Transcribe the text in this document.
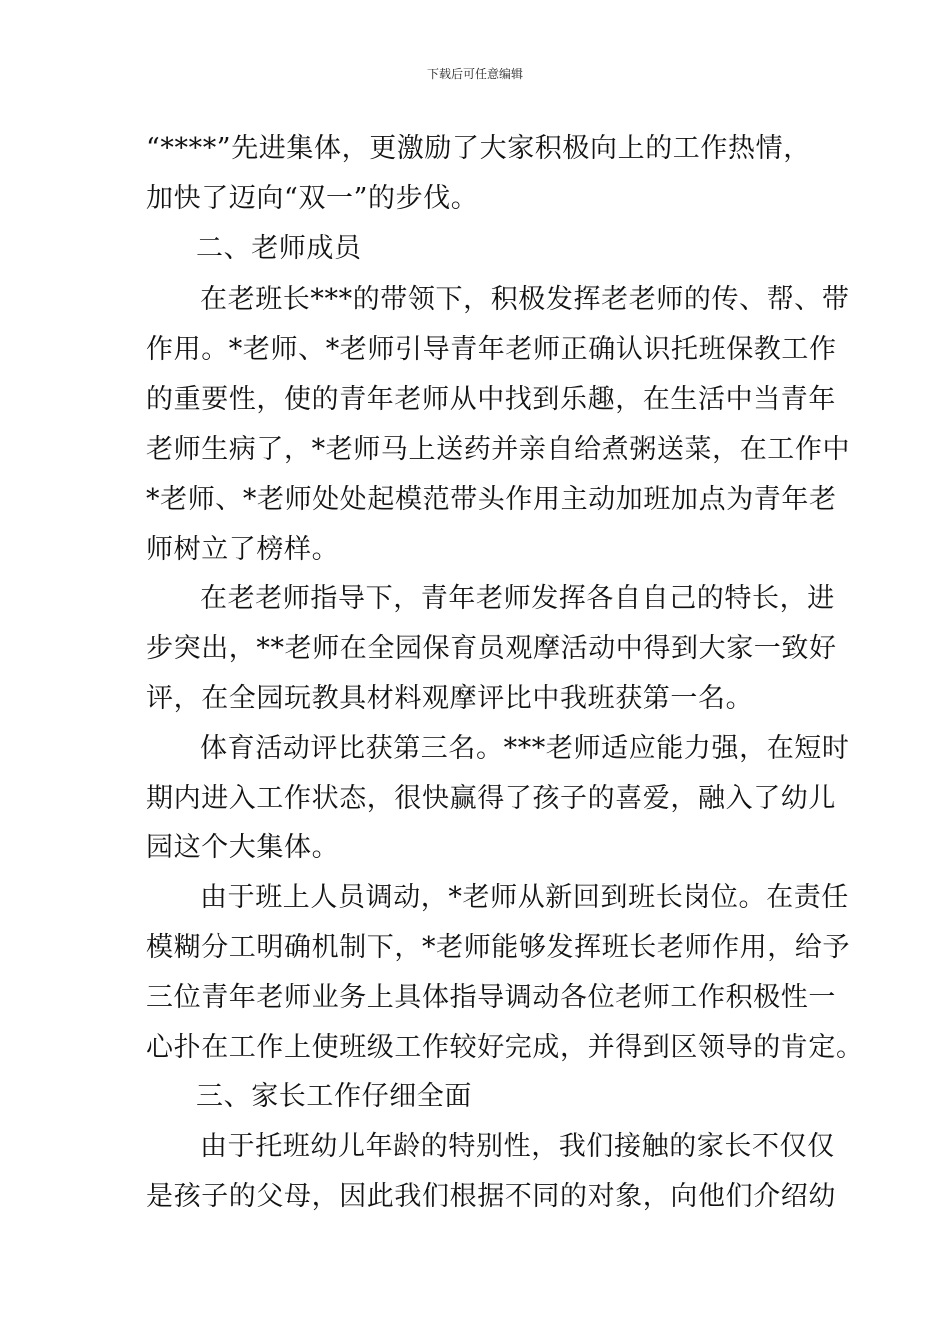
下载后可任意编辑
“****”先进集体，更激励了大家积极向上的工作热情，
加快了迈向“双一”的步伐。
二、老师成员
在老班长***的带领下，积极发挥老老师的传、帮、带
作用。*老师、*老师引导青年老师正确认识托班保教工作
的重要性，使的青年老师从中找到乐趣，在生活中当青年
老师生病了，*老师马上送药并亲自给煮粥送菜，在工作中
*老师、*老师处处起模范带头作用主动加班加点为青年老
师树立了榜样。
在老老师指导下，青年老师发挥各自自己的特长，进
步突出，**老师在全园保育员观摩活动中得到大家一致好
评，在全园玩教具材料观摩评比中我班获第一名。
体育活动评比获第三名。***老师适应能力强，在短时
期内进入工作状态，很快赢得了孩子的喜爱，融入了幼儿
园这个大集体。
由于班上人员调动，*老师从新回到班长岗位。在责任
模糊分工明确机制下，*老师能够发挥班长老师作用，给予
三位青年老师业务上具体指导调动各位老师工作积极性一
心扑在工作上使班级工作较好完成，并得到区领导的肯定。
三、家长工作仔细全面
由于托班幼儿年龄的特别性，我们接触的家长不仅仅
是孩子的父母，因此我们根据不同的对象，向他们介绍幼
